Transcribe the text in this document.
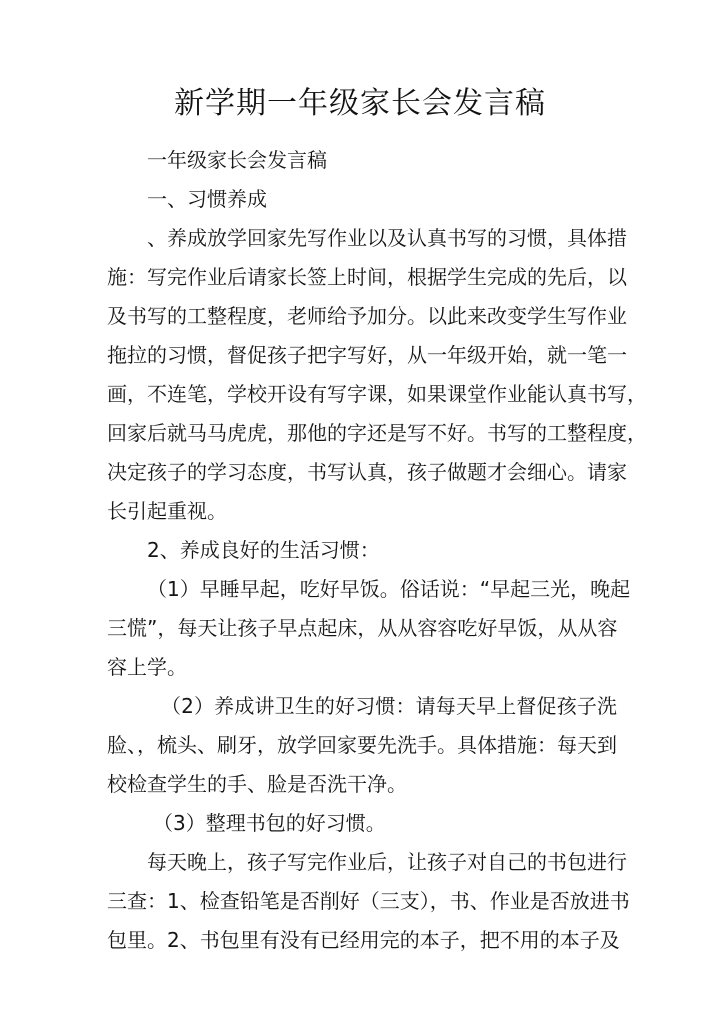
新学期一年级家长会发言稿
一年级家长会发言稿
一、习惯养成
、养成放学回家先写作业以及认真书写的习惯，具体措
施：写完作业后请家长签上时间，根据学生完成的先后，以
及书写的工整程度，老师给予加分。以此来改变学生写作业
拖拉的习惯，督促孩子把字写好，从一年级开始，就一笔一
画，不连笔，学校开设有写字课，如果课堂作业能认真书写，
回家后就马马虎虎，那他的字还是写不好。书写的工整程度，
决定孩子的学习态度，书写认真，孩子做题才会细心。请家
长引起重视。
2、养成良好的生活习惯：
（1）早睡早起，吃好早饭。俗话说：“早起三光，晚起
三慌”，每天让孩子早点起床，从从容容吃好早饭，从从容
容上学。
（2）养成讲卫生的好习惯：请每天早上督促孩子洗
脸、，梳头、刷牙，放学回家要先洗手。具体措施：每天到
校检查学生的手、脸是否洗干净。
（3）整理书包的好习惯。
每天晚上，孩子写完作业后，让孩子对自己的书包进行
三查：1、检查铅笔是否削好（三支），书、作业是否放进书
包里。2、书包里有没有已经用完的本子，把不用的本子及
